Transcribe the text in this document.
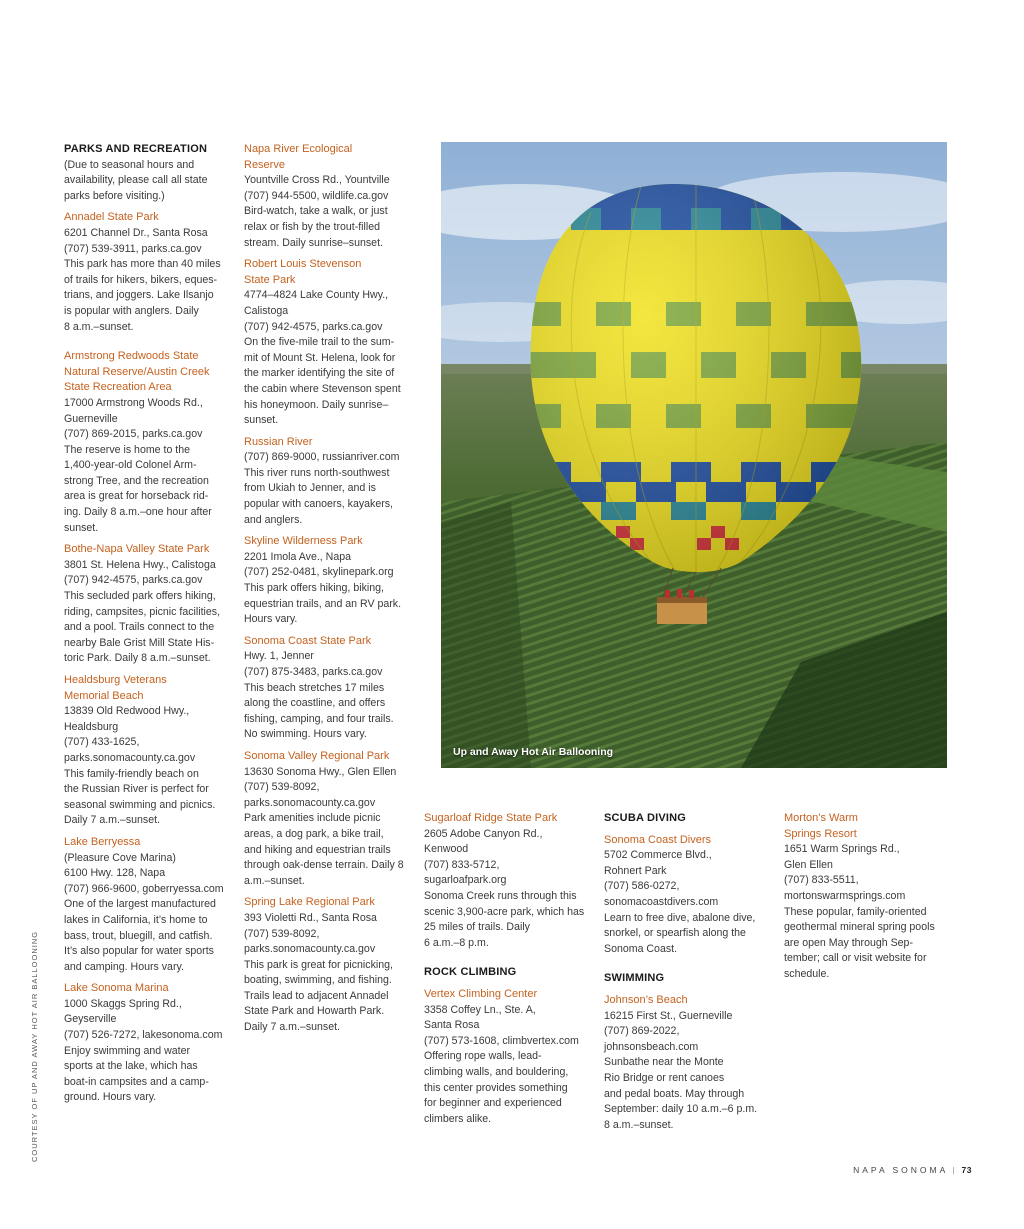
PARKS AND RECREATION

(Due to seasonal hours and

availability, please call all state

parks before visiting.)

Annadel State Park

6201 Channel Dr., Santa Rosa

(707) 539-3911, parks.ca.gov

This park has more than 40 miles

of trails for hikers, bikers, eques-

trians, and joggers. Lake Ilsanjo

is popular with anglers. Daily

8 a.m.–sunset.

Armstrong Redwoods State

Natural Reserve/Austin Creek

State Recreation Area

17000 Armstrong Woods Rd.,

Guerneville

(707) 869-2015, parks.ca.gov

The reserve is home to the

1,400-year-old Colonel Arm-

strong Tree, and the recreation

area is great for horseback rid-

ing. Daily 8 a.m.–one hour after

sunset.

Bothe-Napa Valley State Park

3801 St. Helena Hwy., Calistoga

(707) 942-4575, parks.ca.gov

This secluded park offers hiking,

riding, campsites, picnic facilities,

and a pool. Trails connect to the

nearby Bale Grist Mill State His-

toric Park. Daily 8 a.m.–sunset.

Healdsburg Veterans

Memorial Beach

13839 Old Redwood Hwy.,

Healdsburg

(707) 433-1625,

parks.sonomacounty.ca.gov

This family-friendly beach on

the Russian River is perfect for

seasonal swimming and picnics.

Daily 7 a.m.–sunset.

Lake Berryessa

(Pleasure Cove Marina)

6100 Hwy. 128, Napa

(707) 966-9600, goberryessa.com

One of the largest manufactured

lakes in California, it’s home to

bass, trout, bluegill, and catfish.

It’s also popular for water sports

and camping. Hours vary.

Lake Sonoma Marina

1000 Skaggs Spring Rd.,

Geyserville

(707) 526-7272, lakesonoma.com

Enjoy swimming and water

sports at the lake, which has

boat-in campsites and a camp-

ground. Hours vary.

Napa River Ecological

Reserve

Yountville Cross Rd., Yountville

(707) 944-5500, wildlife.ca.gov

Bird-watch, take a walk, or just

relax or fish by the trout-filled

stream. Daily sunrise–sunset.

Robert Louis Stevenson

State Park

4774–4824 Lake County Hwy.,

Calistoga

(707) 942-4575, parks.ca.gov

On the five-mile trail to the sum-

mit of Mount St. Helena, look for

the marker identifying the site of

the cabin where Stevenson spent

his honeymoon. Daily sunrise–

sunset.

Russian River

(707) 869-9000, russianriver.com

This river runs north-southwest

from Ukiah to Jenner, and is

popular with canoers, kayakers,

and anglers.

Skyline Wilderness Park

2201 Imola Ave., Napa

(707) 252-0481, skylinepark.org

This park offers hiking, biking,

equestrian trails, and an RV park.

Hours vary.

Sonoma Coast State Park

Hwy. 1, Jenner

(707) 875-3483, parks.ca.gov

This beach stretches 17 miles

along the coastline, and offers

fishing, camping, and four trails.

No swimming. Hours vary.

Sonoma Valley Regional Park

13630 Sonoma Hwy., Glen Ellen

(707) 539-8092,

parks.sonomacounty.ca.gov

Park amenities include picnic

areas, a dog park, a bike trail,

and hiking and equestrian trails

through oak-dense terrain. Daily 8

a.m.–sunset.

Spring Lake Regional Park

393 Violetti Rd., Santa Rosa

(707) 539-8092,

parks.sonomacounty.ca.gov

This park is great for picnicking,

boating, swimming, and fishing.

Trails lead to adjacent Annadel

State Park and Howarth Park.

Daily 7 a.m.–sunset.

Up and Away Hot Air Ballooning

Sugarloaf Ridge State Park

2605 Adobe Canyon Rd.,

Kenwood

(707) 833-5712,

sugarloafpark.org

Sonoma Creek runs through this

scenic 3,900-acre park, which has

25 miles of trails. Daily

6 a.m.–8 p.m.

ROCK CLIMBING

Vertex Climbing Center

3358 Coffey Ln., Ste. A,

Santa Rosa

(707) 573-1608, climbvertex.com

Offering rope walls, lead-

climbing walls, and bouldering,

this center provides something

for beginner and experienced

climbers alike.

SCUBA DIVING

Sonoma Coast Divers

5702 Commerce Blvd.,

Rohnert Park

(707) 586-0272,

sonomacoastdivers.com

Learn to free dive, abalone dive,

snorkel, or spearfish along the

Sonoma Coast.

SWIMMING

Johnson’s Beach

16215 First St., Guerneville

(707) 869-2022,

johnsonsbeach.com

Sunbathe near the Monte

Rio Bridge or rent canoes

and pedal boats. May through

September: daily 10 a.m.–6 p.m.

8 a.m.–sunset.

Morton’s Warm

Springs Resort

1651 Warm Springs Rd.,

Glen Ellen

(707) 833-5511,

mortonswarmsprings.com

These popular, family-oriented

geothermal mineral spring pools

are open May through Sep-

tember; call or visit website for

schedule.

COURTESY OF UP AND AWAY HOT AIR BALLOONING
NAPA SONOMA | 73
